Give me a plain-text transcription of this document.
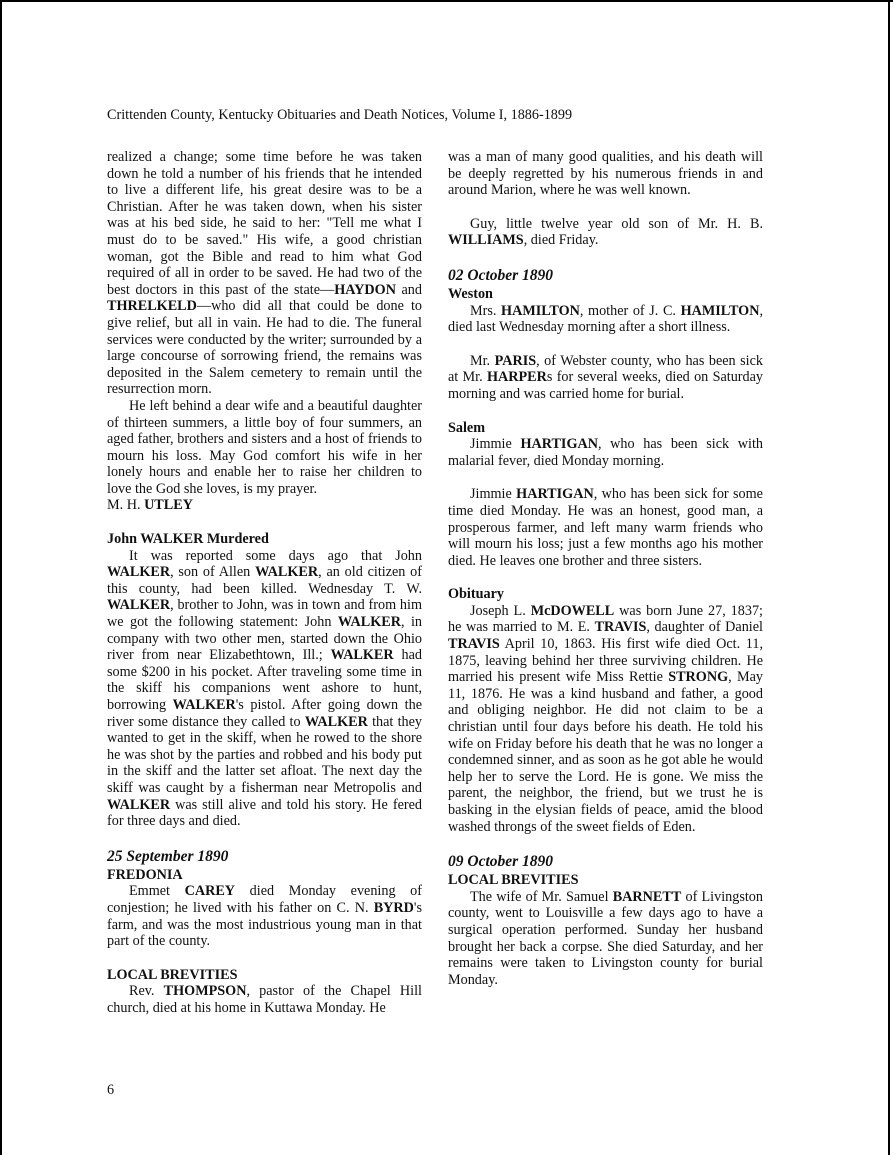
Crittenden County, Kentucky Obituaries and Death Notices, Volume I, 1886-1899

realized a change; some time before he was taken down he told a number of his friends that he intended to live a different life, his great desire was to be a Christian. After he was taken down, when his sister was at his bed side, he said to her: "Tell me what I must do to be saved." His wife, a good christian woman, got the Bible and read to him what God required of all in order to be saved. He had two of the best doctors in this past of the state—HAYDON and THRELKELD—who did all that could be done to give relief, but all in vain. He had to die. The funeral services were conducted by the writer; surrounded by a large concourse of sorrowing friend, the remains was deposited in the Salem cemetery to remain until the resurrection morn.

He left behind a dear wife and a beautiful daughter of thirteen summers, a little boy of four summers, an aged father, brothers and sisters and a host of friends to mourn his loss. May God comfort his wife in her lonely hours and enable her to raise her children to love the God she loves, is my prayer.

M. H. UTLEY

John WALKER Murdered

It was reported some days ago that John WALKER, son of Allen WALKER, an old citizen of this county, had been killed. Wednesday T. W. WALKER, brother to John, was in town and from him we got the following statement: John WALKER, in company with two other men, started down the Ohio river from near Elizabethtown, Ill.; WALKER had some $200 in his pocket. After traveling some time in the skiff his companions went ashore to hunt, borrowing WALKER's pistol. After going down the river some distance they called to WALKER that they wanted to get in the skiff, when he rowed to the shore he was shot by the parties and robbed and his body put in the skiff and the latter set afloat. The next day the skiff was caught by a fisherman near Metropolis and WALKER was still alive and told his story. He fered for three days and died.

25 September 1890

FREDONIA

Emmet CAREY died Monday evening of conjestion; he lived with his father on C. N. BYRD's farm, and was the most industrious young man in that part of the county.

LOCAL BREVITIES

Rev. THOMPSON, pastor of the Chapel Hill church, died at his home in Kuttawa Monday. He

was a man of many good qualities, and his death will be deeply regretted by his numerous friends in and around Marion, where he was well known.

Guy, little twelve year old son of Mr. H. B. WILLIAMS, died Friday.

02 October 1890

Weston

Mrs. HAMILTON, mother of J. C. HAMILTON, died last Wednesday morning after a short illness.

Mr. PARIS, of Webster county, who has been sick at Mr. HARPERs for several weeks, died on Saturday morning and was carried home for burial.

Salem

Jimmie HARTIGAN, who has been sick with malarial fever, died Monday morning.

Jimmie HARTIGAN, who has been sick for some time died Monday. He was an honest, good man, a prosperous farmer, and left many warm friends who will mourn his loss; just a few months ago his mother died. He leaves one brother and three sisters.

Obituary

Joseph L. McDOWELL was born June 27, 1837; he was married to M. E. TRAVIS, daughter of Daniel TRAVIS April 10, 1863. His first wife died Oct. 11, 1875, leaving behind her three surviving children. He married his present wife Miss Rettie STRONG, May 11, 1876. He was a kind husband and father, a good and obliging neighbor. He did not claim to be a christian until four days before his death. He told his wife on Friday before his death that he was no longer a condemned sinner, and as soon as he got able he would help her to serve the Lord. He is gone. We miss the parent, the neighbor, the friend, but we trust he is basking in the elysian fields of peace, amid the blood washed throngs of the sweet fields of Eden.

09 October 1890

LOCAL BREVITIES

The wife of Mr. Samuel BARNETT of Livingston county, went to Louisville a few days ago to have a surgical operation performed. Sunday her husband brought her back a corpse. She died Saturday, and her remains were taken to Livingston county for burial Monday.

6
